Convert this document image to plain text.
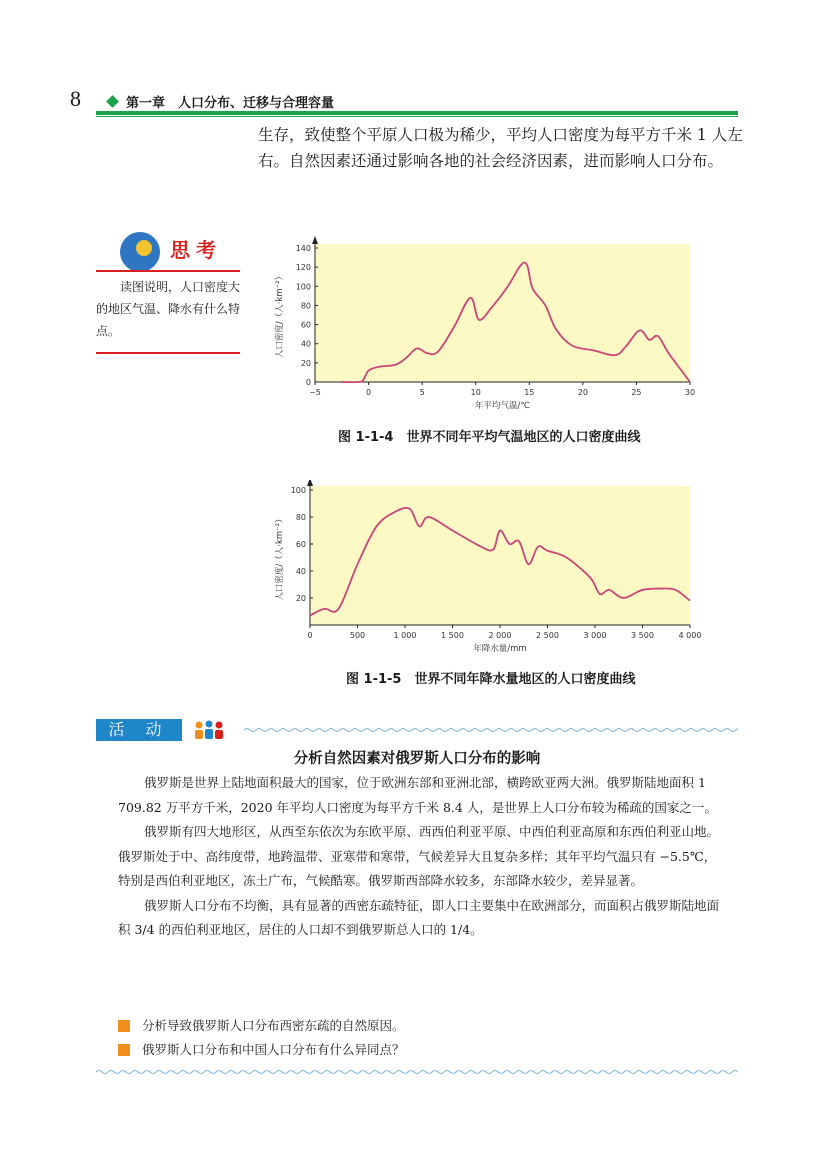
8	第一章　人口分布、迁移与合理容量
生存，致使整个平原人口极为稀少，平均人口密度为每平方千米 1 人左右。自然因素还通过影响各地的社会经济因素，进而影响人口分布。
思考
读图说明，人口密度大的地区气温、降水有什么特点。
−5	0	5	10	15	20	25	30
0
20
40
60
80
100
120
140
年平均气温/℃
人口密度/（人·km⁻²）
图 1-1-4　世界不同年平均气温地区的人口密度曲线
0	500	1 000	1 500	2 000	2 500	3 000	3 500	4 000
20
40
60
80
100
年降水量/mm
人口密度/（人·km⁻²）
图 1-1-5　世界不同年降水量地区的人口密度曲线
活 动
分析自然因素对俄罗斯人口分布的影响

俄罗斯是世界上陆地面积最大的国家，位于欧洲东部和亚洲北部，横跨欧亚两大洲。俄罗斯陆地面积 1 709.82 万平方千米，2020 年平均人口密度为每平方千米 8.4 人，是世界上人口分布较为稀疏的国家之一。

俄罗斯有四大地形区，从西至东依次为东欧平原、西西伯利亚平原、中西伯利亚高原和东西伯利亚山地。俄罗斯处于中、高纬度带，地跨温带、亚寒带和寒带，气候差异大且复杂多样；其年平均气温只有 −5.5℃，特别是西伯利亚地区，冻土广布，气候酷寒。俄罗斯西部降水较多，东部降水较少，差异显著。

俄罗斯人口分布不均衡，具有显著的西密东疏特征，即人口主要集中在欧洲部分，而面积占俄罗斯陆地面积 3/4 的西伯利亚地区，居住的人口却不到俄罗斯总人口的 1/4。

分析导致俄罗斯人口分布西密东疏的自然原因。
俄罗斯人口分布和中国人口分布有什么异同点？
